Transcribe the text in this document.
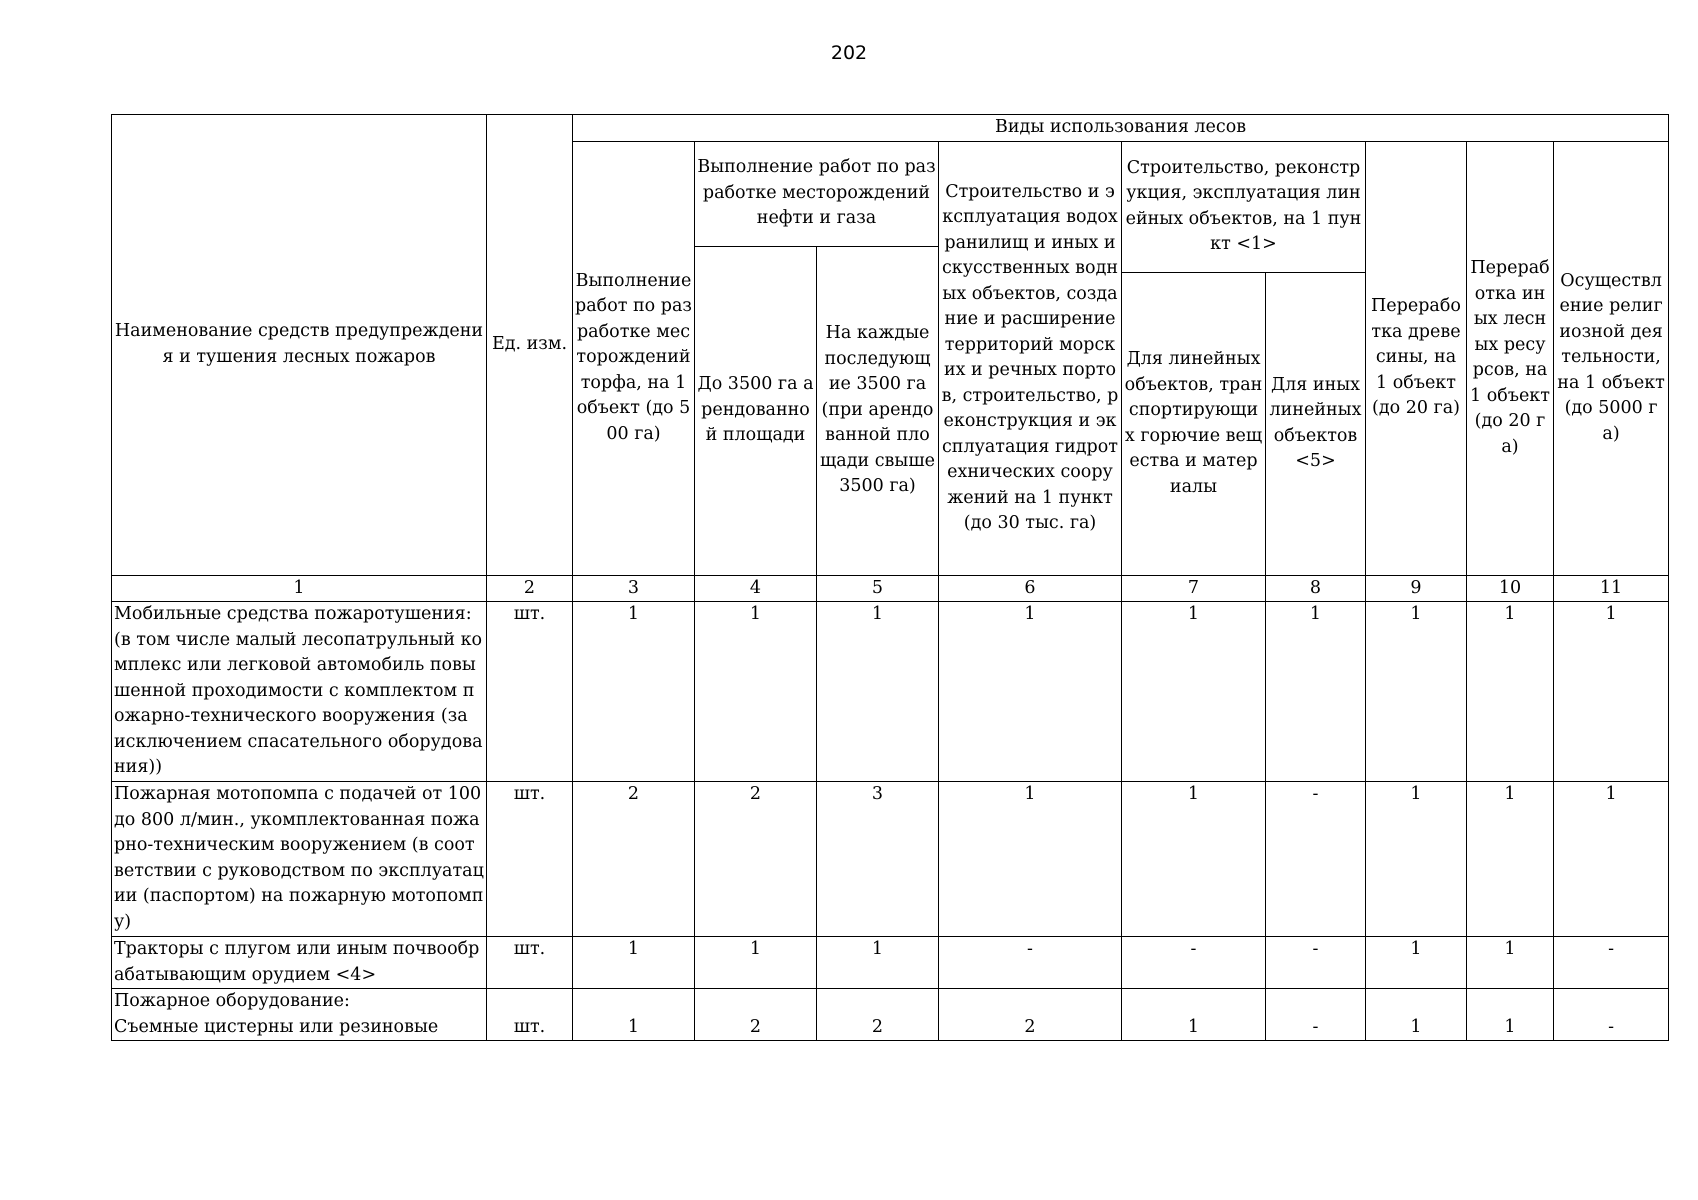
202
Наименование средств предупреждения и тушения лесных пожаров	Ед. изм.	Виды использования лесов								
		Выполнение работ по разработке месторождений торфа, на 1 объект (до 500 га)	Выполнение работ по разработке месторождений нефти и газа		Строительство и эксплуатация водохранилищ и иных искусственных водных объектов, создание и расширение территорий морских и речных портов, строительство, реконструкция и эксплуатация гидротехнических сооружений на 1 пункт (до 30 тыс. га)	Строительство, реконструкция, эксплуатация линейных объектов, на 1 пункт <1>		Переработка древесины, на 1 объект (до 20 га)	Переработка иных лесных ресурсов, на 1 объект (до 20 га)	Осуществление религиозной деятельности, на 1 объект (до 5000 га)
			До 3500 га арендованной площади	На каждые последующие 3500 га (при арендованной площади свыше 3500 га)						
						Для линейных объектов, транспортирующих горючие вещества и материалы	Для иных линейных объектов <5>			
1	2	3	4	5	6	7	8	9	10	11
Мобильные средства пожаротушения: (в том числе малый лесопатрульный комплекс или легковой автомобиль повышенной проходимости с комплектом пожарно-технического вооружения (за исключением спасательного оборудования))	шт.	1	1	1	1	1	1	1	1	1
Пожарная мотопомпа с подачей от 100 до 800 л/мин., укомплектованная пожарно-техническим вооружением (в соответствии с руководством по эксплуатации (паспортом) на пожарную мотопомпу)	шт.	2	2	3	1	1	-	1	1	1
Тракторы с плугом или иным почвообрабатывающим орудием <4>	шт.	1	1	1	-	-	-	1	1	-

Пожарное оборудование:
Съемные цистерны или резиновые	шт.	1	2	2	2	1	-	1	1	-
